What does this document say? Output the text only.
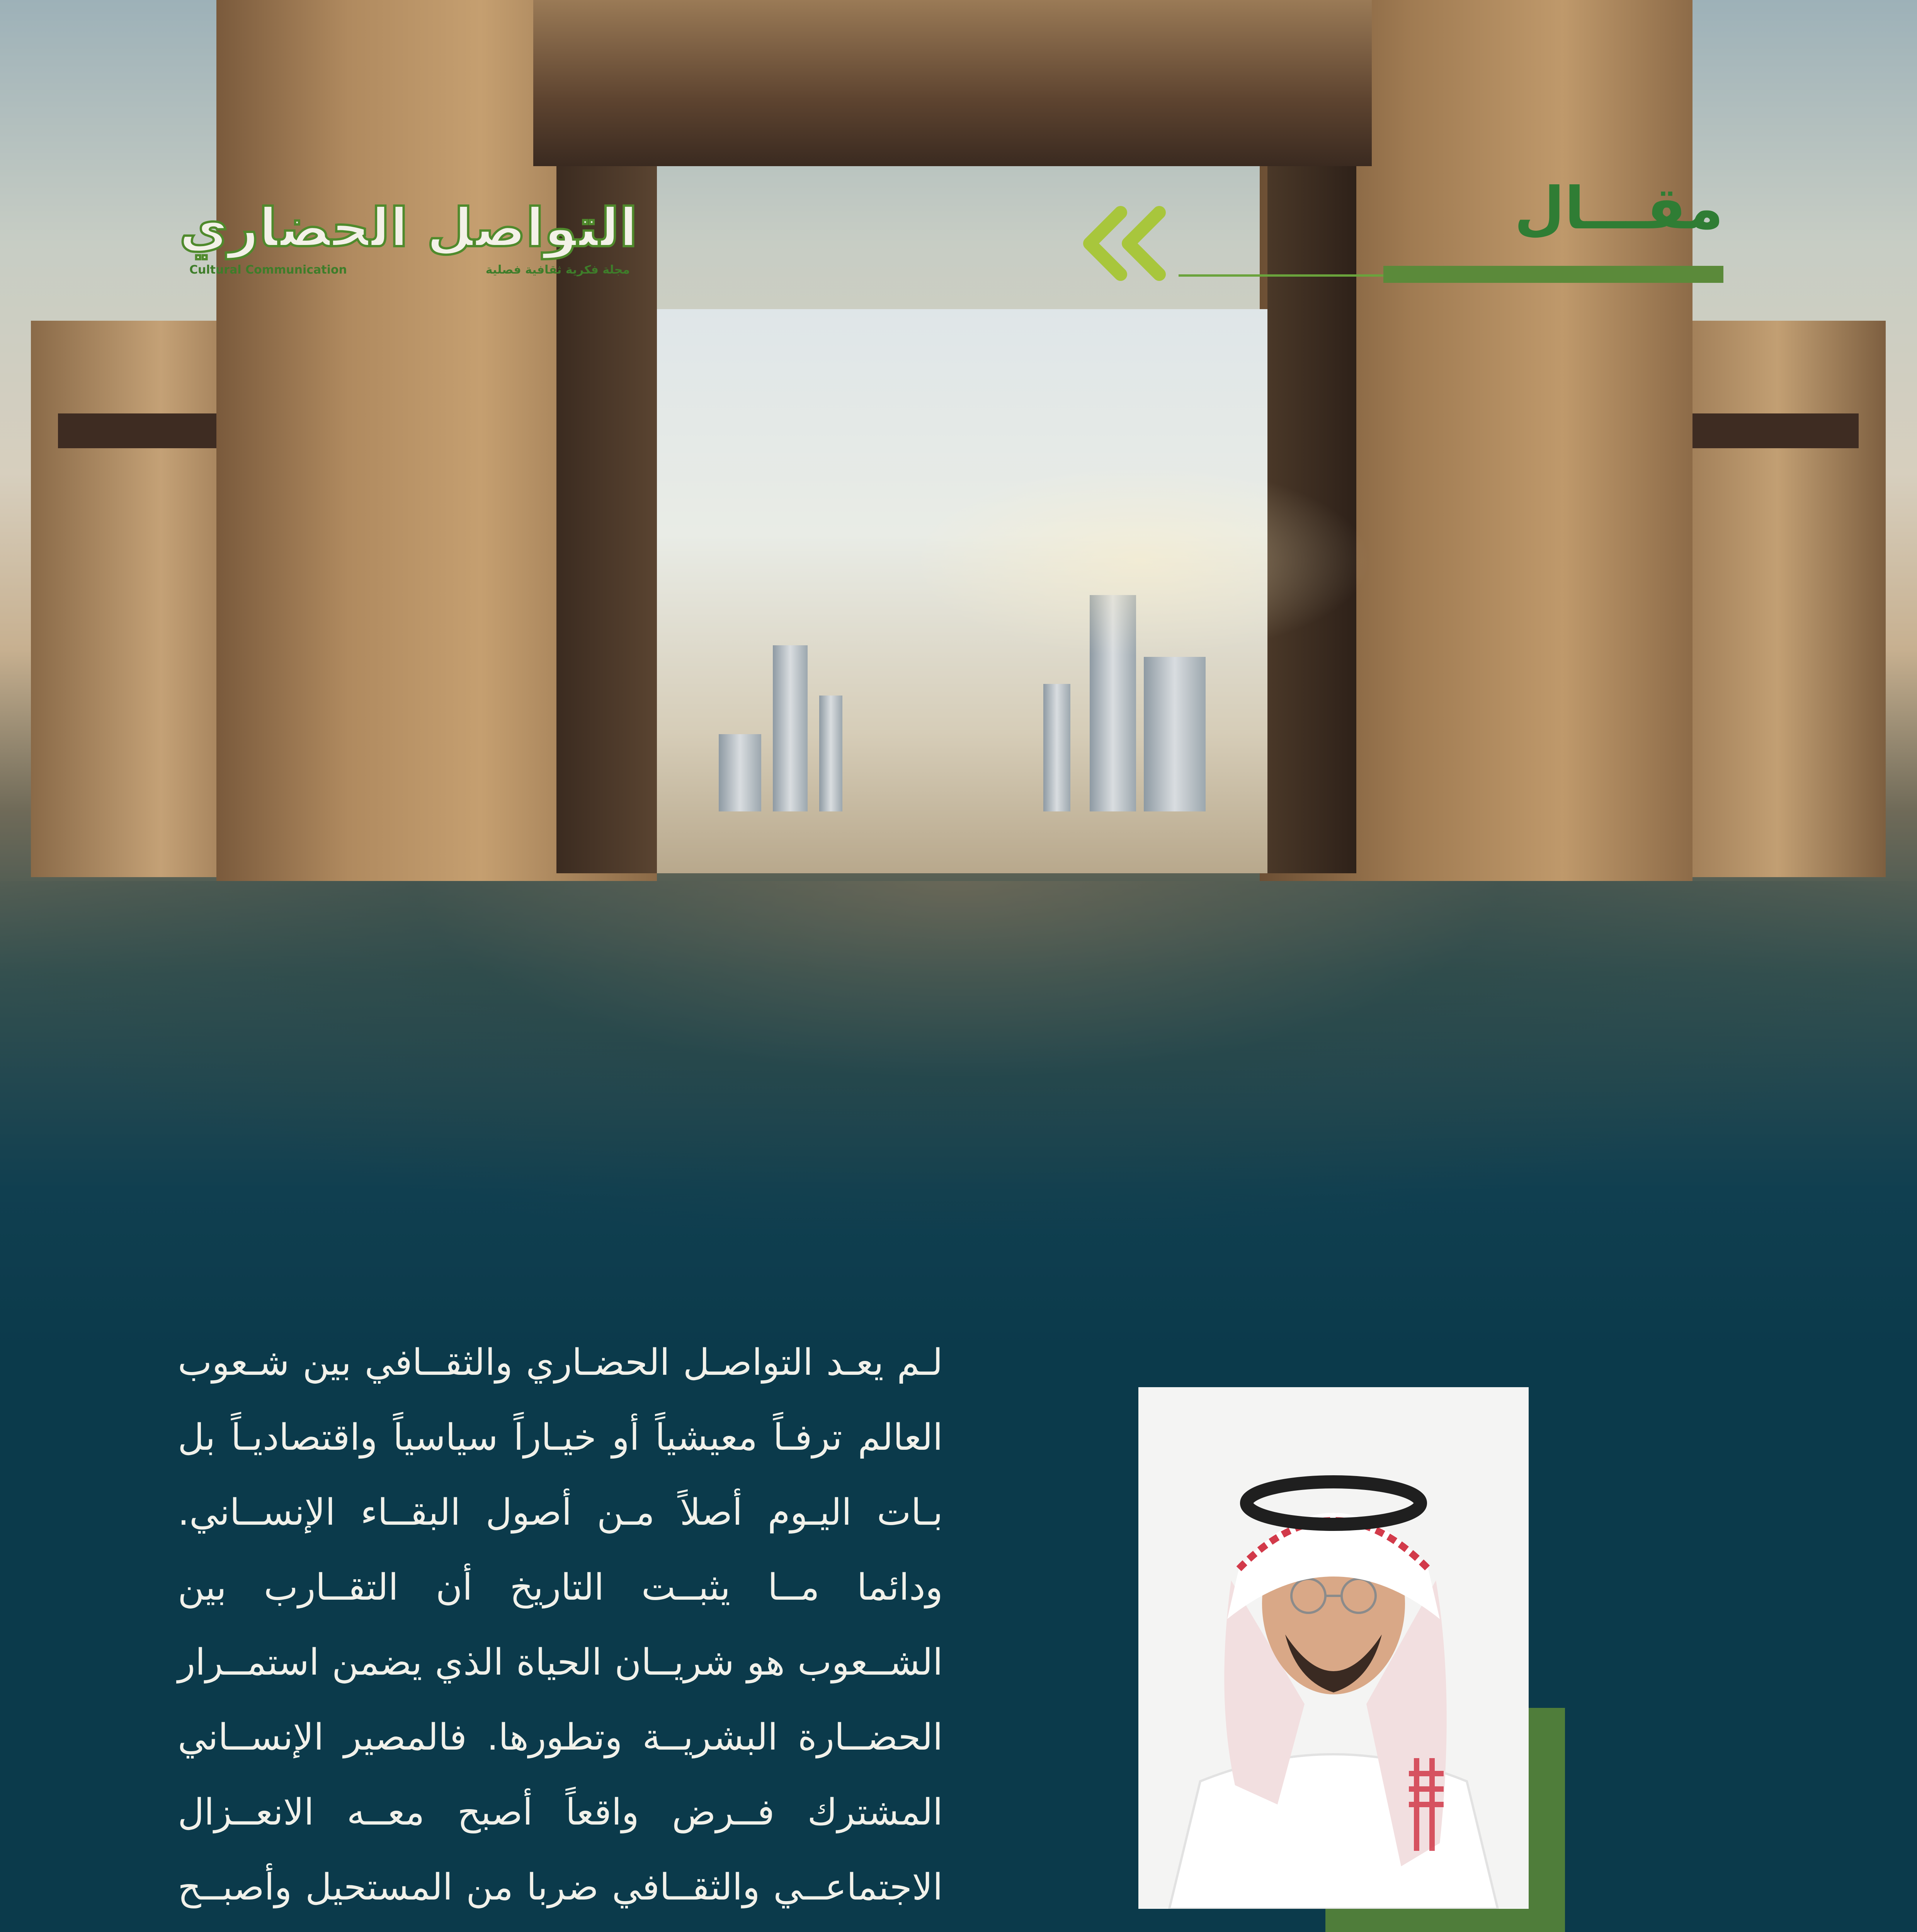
التواصل الحضاري
Cultural Communication	مجلة فكرية ثقافية فصلية
مقـــال

لـم يعـد التواصـل الحضـاري والثقــافي بين شـعوب العالم ترفـاً معيشياً أو خيـاراً سياسياً واقتصاديـاً بل بـات اليـوم أصلاً مـن أصول البقــاء الإنســاني. ودائما مــا يثبــت التاريخ أن التقــارب بين الشــعوب هو شريــان الحياة الذي يضمن استمــرار الحضــارة البشريــة وتطورها. فالمصير الإنســاني المشترك فــرض واقعاً أصبح معــه الانعــزال الاجتماعــي والثقــافي ضربا من المستحيل وأصبــح
